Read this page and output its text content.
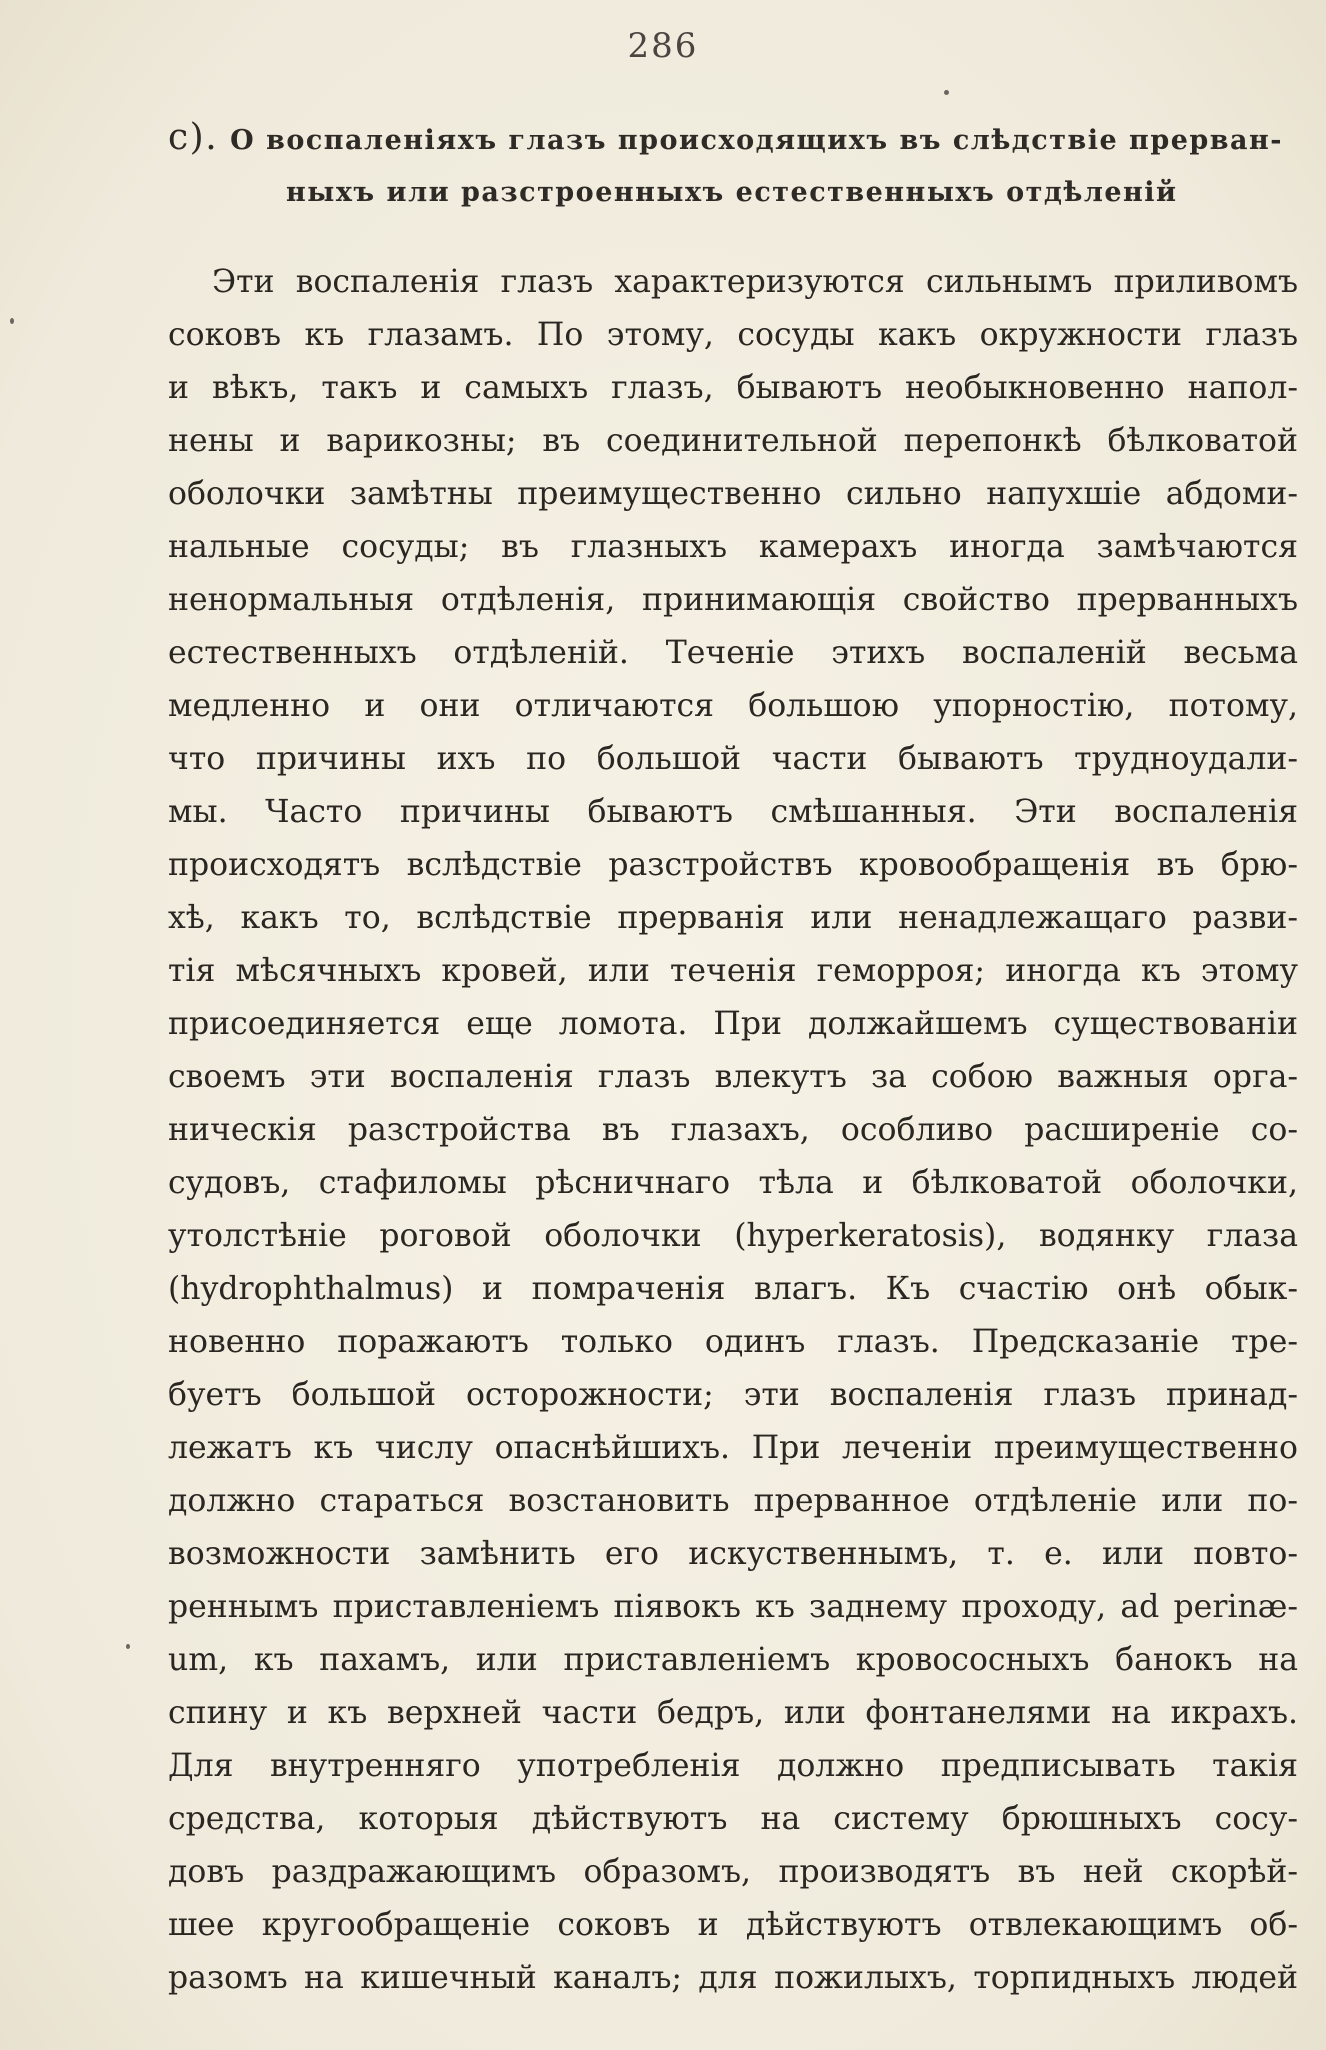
286
c). О воспаленіяхъ глазъ происходящихъ въ слѣдствіе прерван-
ныхъ или разстроенныхъ естественныхъ отдѣленій
Эти воспаленія глазъ характеризуются сильнымъ приливомъ
соковъ къ глазамъ. По этому, сосуды какъ окружности глазъ
и вѣкъ, такъ и самыхъ глазъ, бываютъ необыкновенно напол-
нены и варикозны; въ соединительной перепонкѣ бѣлковатой
оболочки замѣтны преимущественно сильно напухшіе абдоми-
нальные сосуды; въ глазныхъ камерахъ иногда замѣчаются
ненормальныя отдѣленія, принимающія свойство прерванныхъ
естественныхъ отдѣленій. Теченіе этихъ воспаленій весьма
медленно и они отличаются большою упорностію, потому,
что причины ихъ по большой части бываютъ трудноудали-
мы. Часто причины бываютъ смѣшанныя. Эти воспаленія
происходятъ вслѣдствіе разстройствъ кровообращенія въ брю-
хѣ, какъ то, вслѣдствіе прерванія или ненадлежащаго разви-
тія мѣсячныхъ кровей, или теченія геморроя; иногда къ этому
присоединяется еще ломота. При должайшемъ существованіи
своемъ эти воспаленія глазъ влекутъ за собою важныя орга-
ническія разстройства въ глазахъ, особливо расширеніе со-
судовъ, стафиломы рѣсничнаго тѣла и бѣлковатой оболочки,
утолстѣніе роговой оболочки (hyperkeratosis), водянку глаза
(hydrophthalmus) и помраченія влагъ. Къ счастію онѣ обык-
новенно поражаютъ только одинъ глазъ. Предсказаніе тре-
буетъ большой осторожности; эти воспаленія глазъ принад-
лежатъ къ числу опаснѣйшихъ. При леченіи преимущественно
должно стараться возстановить прерванное отдѣленіе или по-
возможности замѣнить его искуственнымъ, т. е. или повто-
реннымъ приставленіемъ піявокъ къ заднему проходу, ad perinæ-
um, къ пахамъ, или приставленіемъ кровососныхъ банокъ на
спину и къ верхней части бедръ, или фонтанелями на икрахъ.
Для внутренняго употребленія должно предписывать такія
средства, которыя дѣйствуютъ на систему брюшныхъ сосу-
довъ раздражающимъ образомъ, производятъ въ ней скорѣй-
шее кругообращеніе соковъ и дѣйствуютъ отвлекающимъ об-
разомъ на кишечный каналъ; для пожилыхъ, торпидныхъ людей
